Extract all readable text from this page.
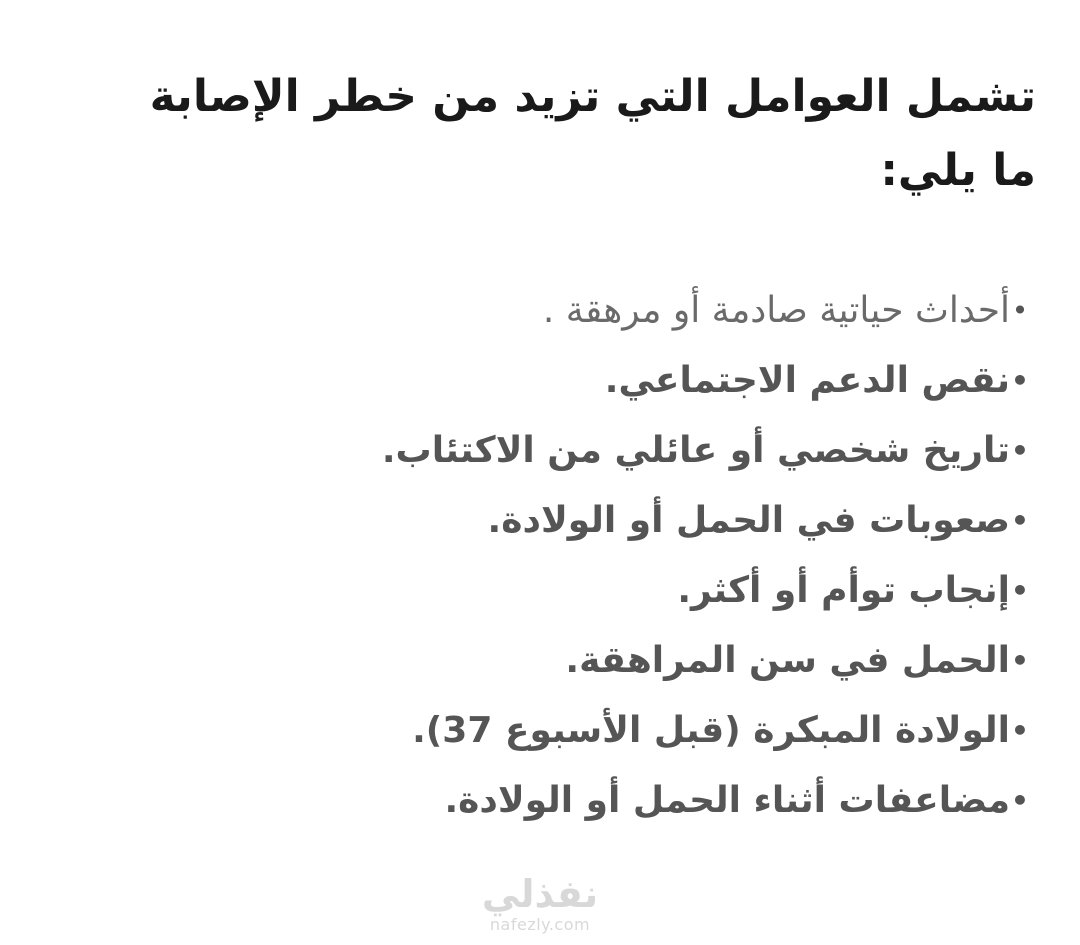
تشمل العوامل التي تزيد من خطر الإصابة ما يلي:
•
أحداث حياتية صادمة أو مرهقة .
•
نقص الدعم الاجتماعي.
•
تاريخ شخصي أو عائلي من الاكتئاب.
•
صعوبات في الحمل أو الولادة.
•
إنجاب توأم أو أكثر.
•
الحمل في سن المراهقة.
•
الولادة المبكرة (قبل الأسبوع 37).
•
مضاعفات أثناء الحمل أو الولادة.
نفذلي
nafezly.com
